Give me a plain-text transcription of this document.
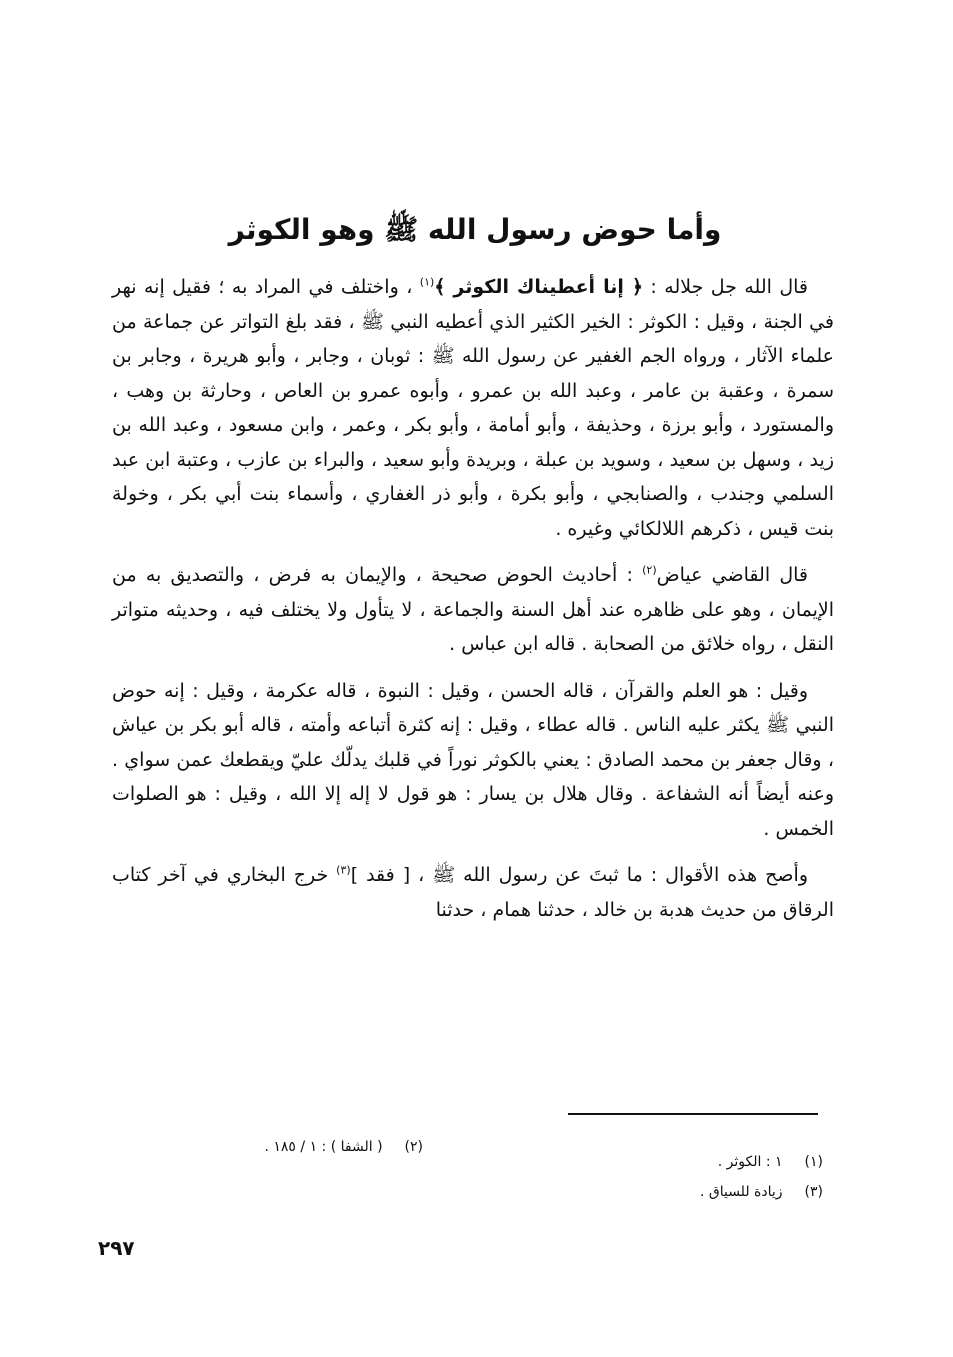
وأما حوض رسول الله ﷺ وهو الكوثر

قال الله جل جلاله : ﴿ إنا أعطيناك الكوثر ﴾$^{(١)}$ ، واختلف في المراد به ؛ فقيل إنه نهر في الجنة ، وقيل : الكوثر : الخير الكثير الذي أعطيه النبي ﷺ ، فقد بلغ التواتر عن جماعة من علماء الآثار ، ورواه الجم الغفير عن رسول الله ﷺ : ثوبان ، وجابر ، وأبو هريرة ، وجابر بن سمرة ، وعقبة بن عامر ، وعبد الله بن عمرو ، وأبوه عمرو بن العاص ، وحارثة بن وهب ، والمستورد ، وأبو برزة ، وحذيفة ، وأبو أمامة ، وأبو بكر ، وعمر ، وابن مسعود ، وعبد الله بن زيد ، وسهل بن سعيد ، وسويد بن عبلة ، وبريدة وأبو سعيد ، والبراء بن عازب ، وعتبة ابن عبد السلمي وجندب ، والصنابجي ، وأبو بكرة ، وأبو ذر الغفاري ، وأسماء بنت أبي بكر ، وخولة بنت قيس ، ذكرهم اللالكائي وغيره .

قال القاضي عياض$^{(٢)}$ : أحاديث الحوض صحيحة ، والإيمان به فرض ، والتصديق به من الإيمان ، وهو على ظاهره عند أهل السنة والجماعة ، لا يتأول ولا يختلف فيه ، وحديثه متواتر النقل ، رواه خلائق من الصحابة . قاله ابن عباس .

وقيل : هو العلم والقرآن ، قاله الحسن ، وقيل : النبوة ، قاله عكرمة ، وقيل : إنه حوض النبي ﷺ يكثر عليه الناس . قاله عطاء ، وقيل : إنه كثرة أتباعه وأمته ، قاله أبو بكر بن عياش ، وقال جعفر بن محمد الصادق : يعني بالكوثر نوراً في قلبك يدلّك عليّ ويقطعك عمن سواي . وعنه أيضاً أنه الشفاعة . وقال هلال بن يسار : هو قول لا إله إلا الله ، وقيل : هو الصلوات الخمس .

وأصح هذه الأقوال : ما ثبتَ عن رسول الله ﷺ ، [ فقد ]$^{(٣)}$ خرج البخاري في آخر كتاب الرقاق من حديث هدبة بن خالد ، حدثنا همام ، حدثنا

(١)١ : الكوثر .
(٢)( الشفا ) : ١ / ١٨٥ .
(٣)زيادة للسياق .
٢٩٧
